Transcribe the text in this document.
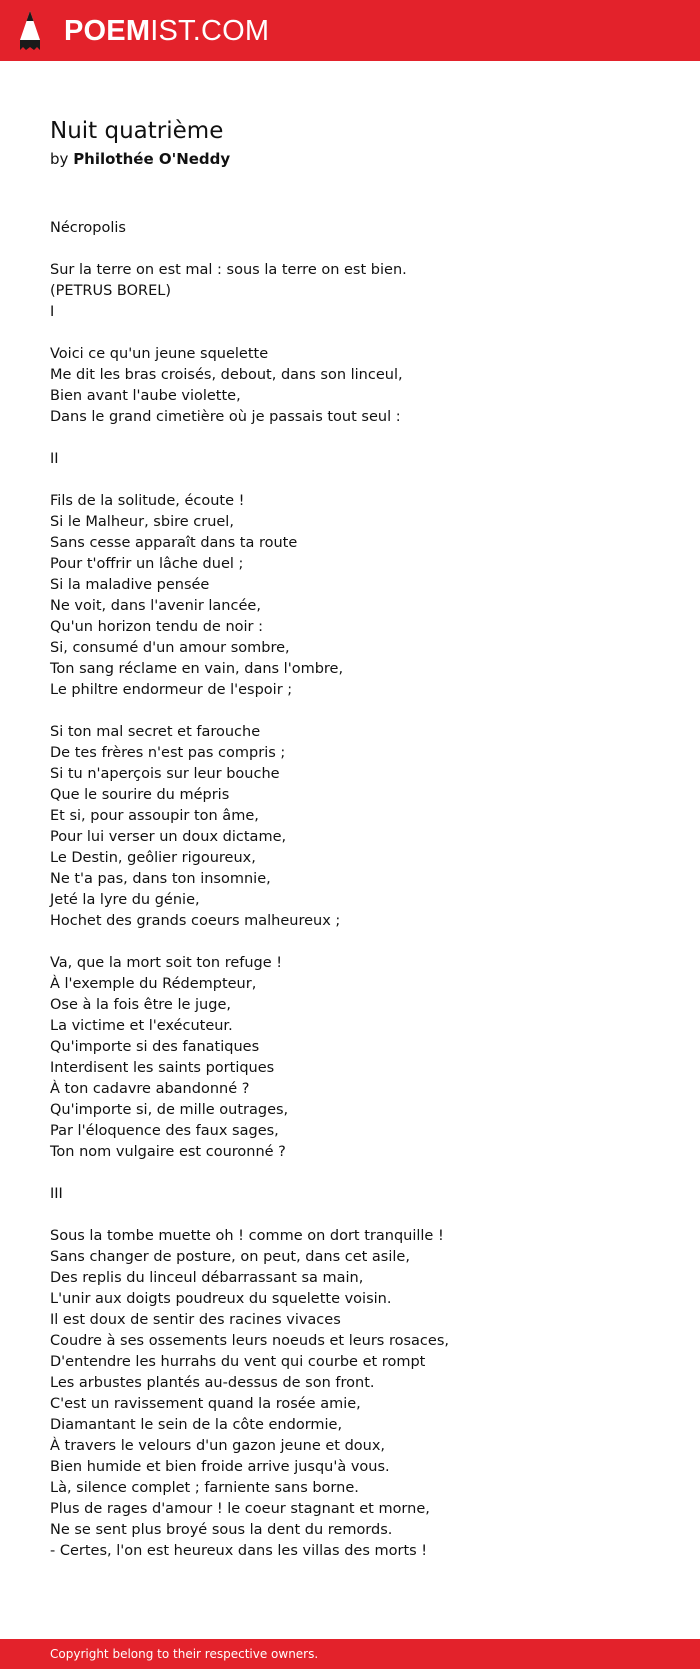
POEMIST.COM
Nuit quatrième

by Philothée O'Neddy

Nécropolis
Sur la terre on est mal : sous la terre on est bien.
(PETRUS BOREL)
I
Voici ce qu'un jeune squelette
Me dit les bras croisés, debout, dans son linceul,
Bien avant l'aube violette,
Dans le grand cimetière où je passais tout seul :
II
Fils de la solitude, écoute !
Si le Malheur, sbire cruel,
Sans cesse apparaît dans ta route
Pour t'offrir un lâche duel ;
Si la maladive pensée
Ne voit, dans l'avenir lancée,
Qu'un horizon tendu de noir :
Si, consumé d'un amour sombre,
Ton sang réclame en vain, dans l'ombre,
Le philtre endormeur de l'espoir ;
Si ton mal secret et farouche
De tes frères n'est pas compris ;
Si tu n'aperçois sur leur bouche
Que le sourire du mépris
Et si, pour assoupir ton âme,
Pour lui verser un doux dictame,
Le Destin, geôlier rigoureux,
Ne t'a pas, dans ton insomnie,
Jeté la lyre du génie,
Hochet des grands coeurs malheureux ;
Va, que la mort soit ton refuge !
À l'exemple du Rédempteur,
Ose à la fois être le juge,
La victime et l'exécuteur.
Qu'importe si des fanatiques
Interdisent les saints portiques
À ton cadavre abandonné ?
Qu'importe si, de mille outrages,
Par l'éloquence des faux sages,
Ton nom vulgaire est couronné ?
III
Sous la tombe muette oh ! comme on dort tranquille !
Sans changer de posture, on peut, dans cet asile,
Des replis du linceul débarrassant sa main,
L'unir aux doigts poudreux du squelette voisin.
Il est doux de sentir des racines vivaces
Coudre à ses ossements leurs noeuds et leurs rosaces,
D'entendre les hurrahs du vent qui courbe et rompt
Les arbustes plantés au-dessus de son front.
C'est un ravissement quand la rosée amie,
Diamantant le sein de la côte endormie,
À travers le velours d'un gazon jeune et doux,
Bien humide et bien froide arrive jusqu'à vous.
Là, silence complet ; farniente sans borne.
Plus de rages d'amour ! le coeur stagnant et morne,
Ne se sent plus broyé sous la dent du remords.
- Certes, l'on est heureux dans les villas des morts !
Copyright belong to their respective owners.
